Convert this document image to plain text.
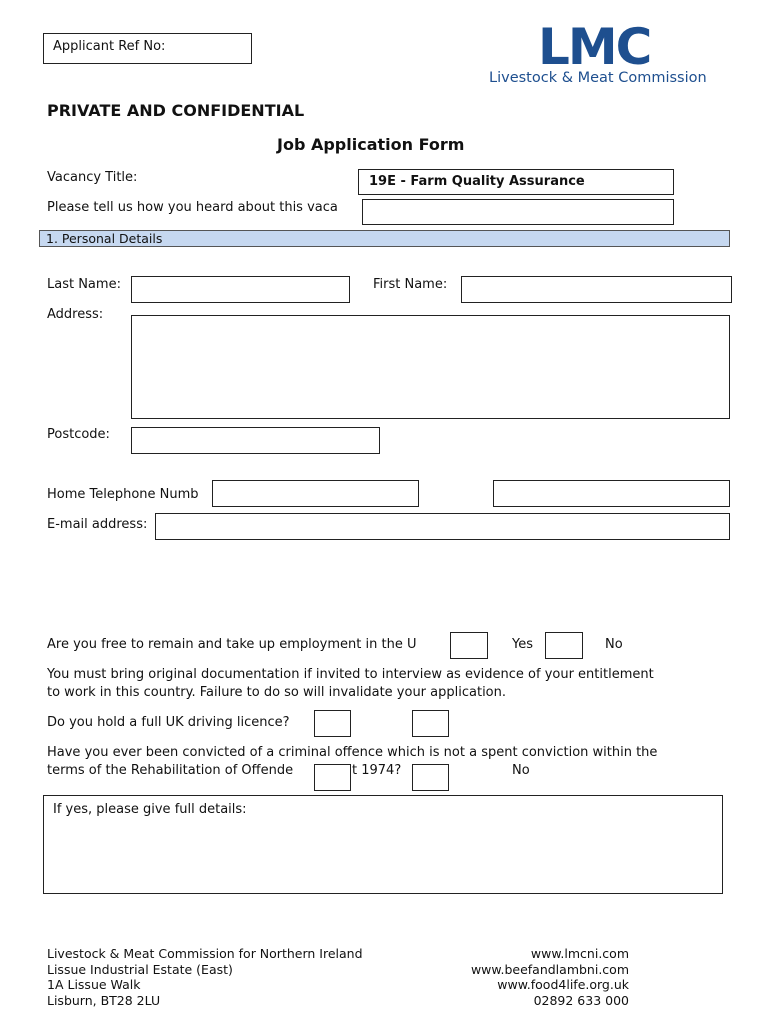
Applicant Ref No:	LMC
Livestock & Meat Commission
PRIVATE AND CONFIDENTIAL
Job Application Form
Vacancy Title:	19E - Farm Quality Assurance
Please tell us how you heard about this vaca
1. Personal Details
Last Name:	First Name:
Address:
Postcode:
Home Telephone Numb
E-mail address:
Are you free to remain and take up employment in the U	Yes	No
You must bring original documentation if invited to interview as evidence of your entitlement
to work in this country. Failure to do so will invalidate your application.
Do you hold a full UK driving licence?
Have you ever been convicted of a criminal offence which is not a spent conviction within the
terms of the Rehabilitation of Offende	t 1974?	No
If yes, please give full details:
Livestock & Meat Commission for Northern Ireland
Lissue Industrial Estate (East)
1A Lissue Walk
Lisburn, BT28 2LU
www.lmcni.com
www.beefandlambni.com
www.food4life.org.uk
02892 633 000
